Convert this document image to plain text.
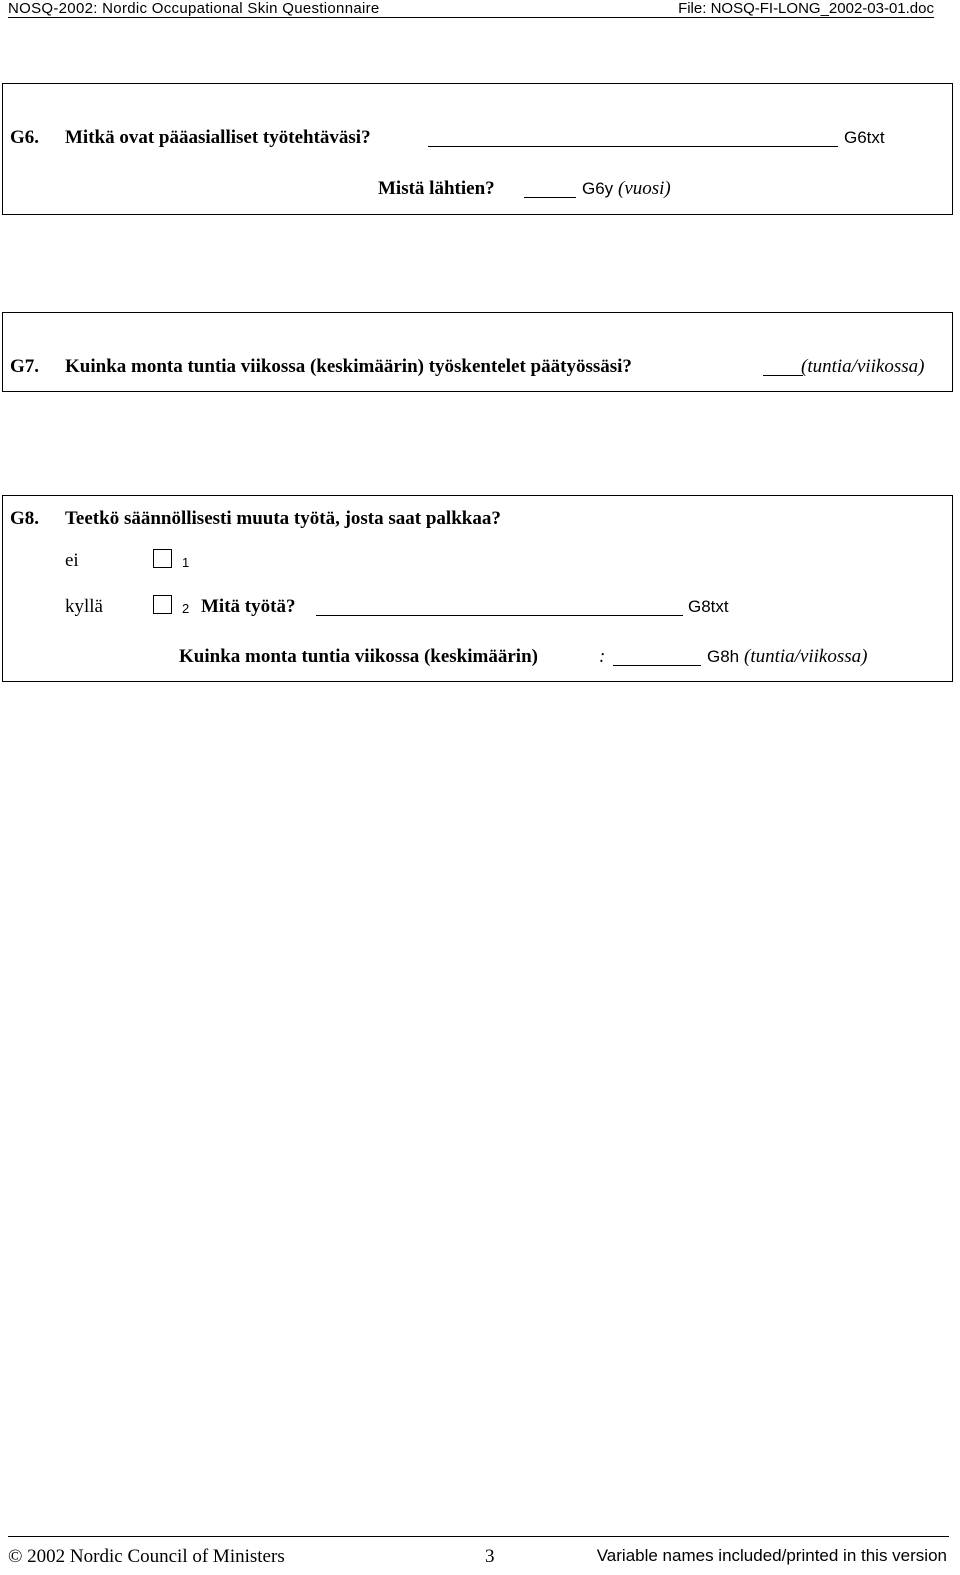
NOSQ-2002: Nordic Occupational Skin Questionnaire	File: NOSQ-FI-LONG_2002-03-01.doc
G6. Mitkä ovat pääasialliset työtehtäväsi?	G6txt
Mistä lähtien?	G6y (vuosi)
G7. Kuinka monta tuntia viikossa (keskimäärin) työskentelet päätyössäsi?	(tuntia/viikossa)
G8. Teetkö säännöllisesti muuta työtä, josta saat palkkaa?
ei	1
kyllä	2 Mitä työtä?	G8txt
Kuinka monta tuntia viikossa (keskimäärin)	:	G8h (tuntia/viikossa)
© 2002 Nordic Council of Ministers	3	Variable names included/printed in this version
